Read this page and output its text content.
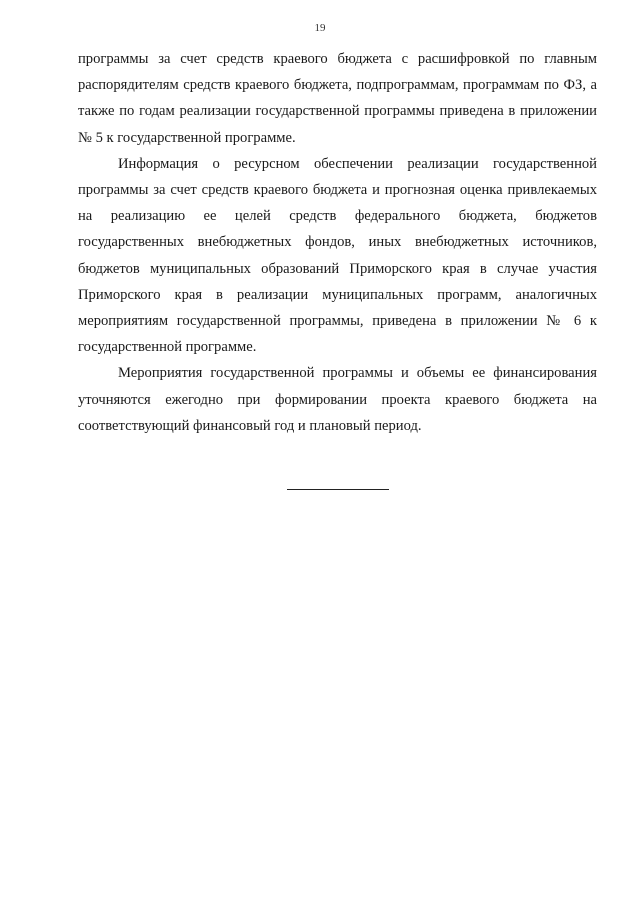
19

программы за счет средств краевого бюджета с расшифровкой по главным распорядителям средств краевого бюджета, подпрограммам, программам по ФЗ, а также по годам реализации государственной программы приведена в приложении № 5 к государственной программе.

Информация о ресурсном обеспечении реализации государственной программы за счет средств краевого бюджета и прогнозная оценка привлекаемых на реализацию ее целей средств федерального бюджета, бюджетов государственных внебюджетных фондов, иных внебюджетных источников, бюджетов муниципальных образований Приморского края в случае участия Приморского края в реализации муниципальных программ, аналогичных мероприятиям государственной программы, приведена в приложении № 6 к государственной программе.

Мероприятия государственной программы и объемы ее финансирования уточняются ежегодно при формировании проекта краевого бюджета на соответствующий финансовый год и плановый период.
